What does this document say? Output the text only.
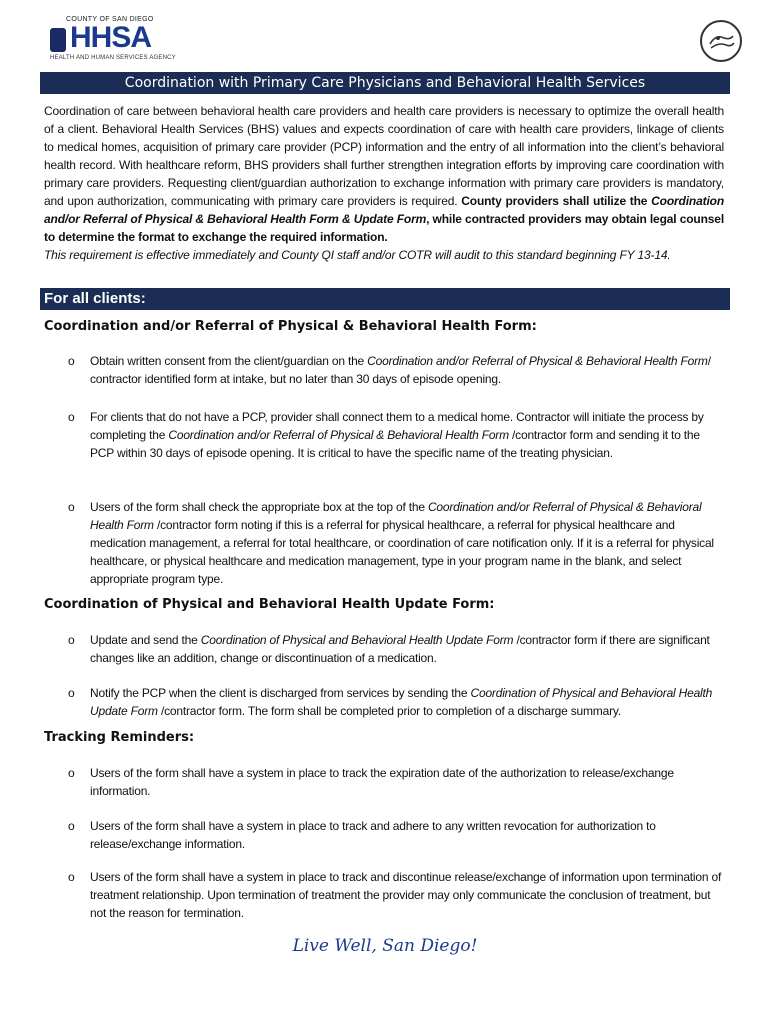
COUNTY OF SAN DIEGO
HHSA
HEALTH AND HUMAN SERVICES AGENCY
Coordination with Primary Care Physicians and Behavioral Health Services
Coordination of care between behavioral health care providers and health care providers is necessary to optimize the overall health of a client. Behavioral Health Services (BHS) values and expects coordination of care with health care providers, linkage of clients to medical homes, acquisition of primary care provider (PCP) information and the entry of all information into the client’s behavioral health record. With healthcare reform, BHS providers shall further strengthen integration efforts by improving care coordination with primary care providers. Requesting client/guardian authorization to exchange information with primary care providers is mandatory, and upon authorization, communicating with primary care providers is required. County providers shall utilize the Coordination and/or Referral of Physical & Behavioral Health Form & Update Form, while contracted providers may obtain legal counsel to determine the format to exchange the required information.
This requirement is effective immediately and County QI staff and/or COTR will audit to this standard beginning FY 13-14.
For all clients:
Coordination and/or Referral of Physical & Behavioral Health Form:
o Obtain written consent from the client/guardian on the Coordination and/or Referral of Physical & Behavioral Health Form/ contractor identified form at intake, but no later than 30 days of episode opening.
o For clients that do not have a PCP, provider shall connect them to a medical home. Contractor will initiate the process by completing the Coordination and/or Referral of Physical & Behavioral Health Form /contractor form and sending it to the PCP within 30 days of episode opening. It is critical to have the specific name of the treating physician.
o Users of the form shall check the appropriate box at the top of the Coordination and/or Referral of Physical & Behavioral Health Form /contractor form noting if this is a referral for physical healthcare, a referral for physical healthcare and medication management, a referral for total healthcare, or coordination of care notification only. If it is a referral for physical healthcare, or physical healthcare and medication management, type in your program name in the blank, and select appropriate program type.
Coordination of Physical and Behavioral Health Update Form:
o Update and send the Coordination of Physical and Behavioral Health Update Form /contractor form if there are significant changes like an addition, change or discontinuation of a medication.
o Notify the PCP when the client is discharged from services by sending the Coordination of Physical and Behavioral Health Update Form /contractor form. The form shall be completed prior to completion of a discharge summary.
Tracking Reminders:
o Users of the form shall have a system in place to track the expiration date of the authorization to release/exchange information.
o Users of the form shall have a system in place to track and adhere to any written revocation for authorization to release/exchange information.
o Users of the form shall have a system in place to track and discontinue release/exchange of information upon termination of treatment relationship. Upon termination of treatment the provider may only communicate the conclusion of treatment, but not the reason for termination.
Live Well, San Diego!
